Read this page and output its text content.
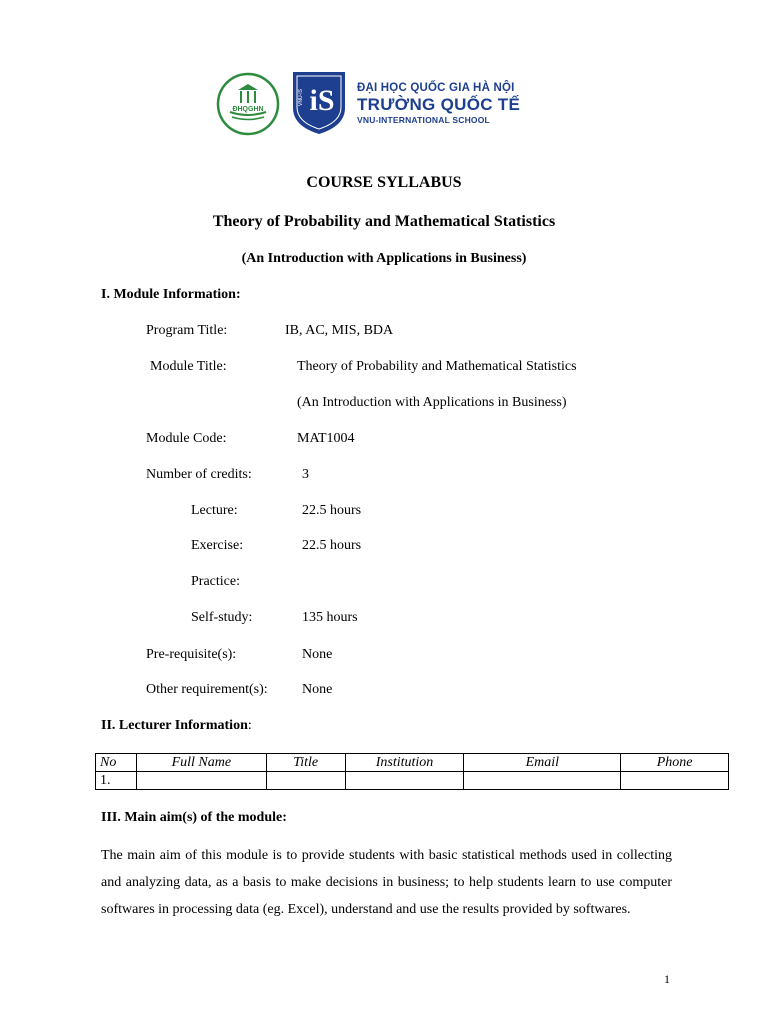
ĐHQGHN iS
VNU-IS
ĐẠI HỌC QUỐC GIA HÀ NỘI
TRƯỜNG QUỐC TẾ
VNU-INTERNATIONAL SCHOOL
COURSE SYLLABUS
Theory of Probability and Mathematical Statistics
(An Introduction with Applications in Business)
I. Module Information:
Program Title:	IB, AC, MIS, BDA
Module Title:	Theory of Probability and Mathematical Statistics
(An Introduction with Applications in Business)
Module Code:	MAT1004
Number of credits:	3
Lecture:	22.5 hours
Exercise:	22.5 hours
Practice:
Self-study:	135 hours
Pre-requisite(s):	None
Other requirement(s): None
II. Lecturer Information:
No	Full Name	Title	Institution	Email	Phone
1.					
III. Main aim(s) of the module:
The main aim of this module is to provide students with basic statistical methods used in collecting and analyzing data, as a basis to make decisions in business; to help students learn to use computer softwares in processing data (eg. Excel), understand and use the results provided by softwares.
1
